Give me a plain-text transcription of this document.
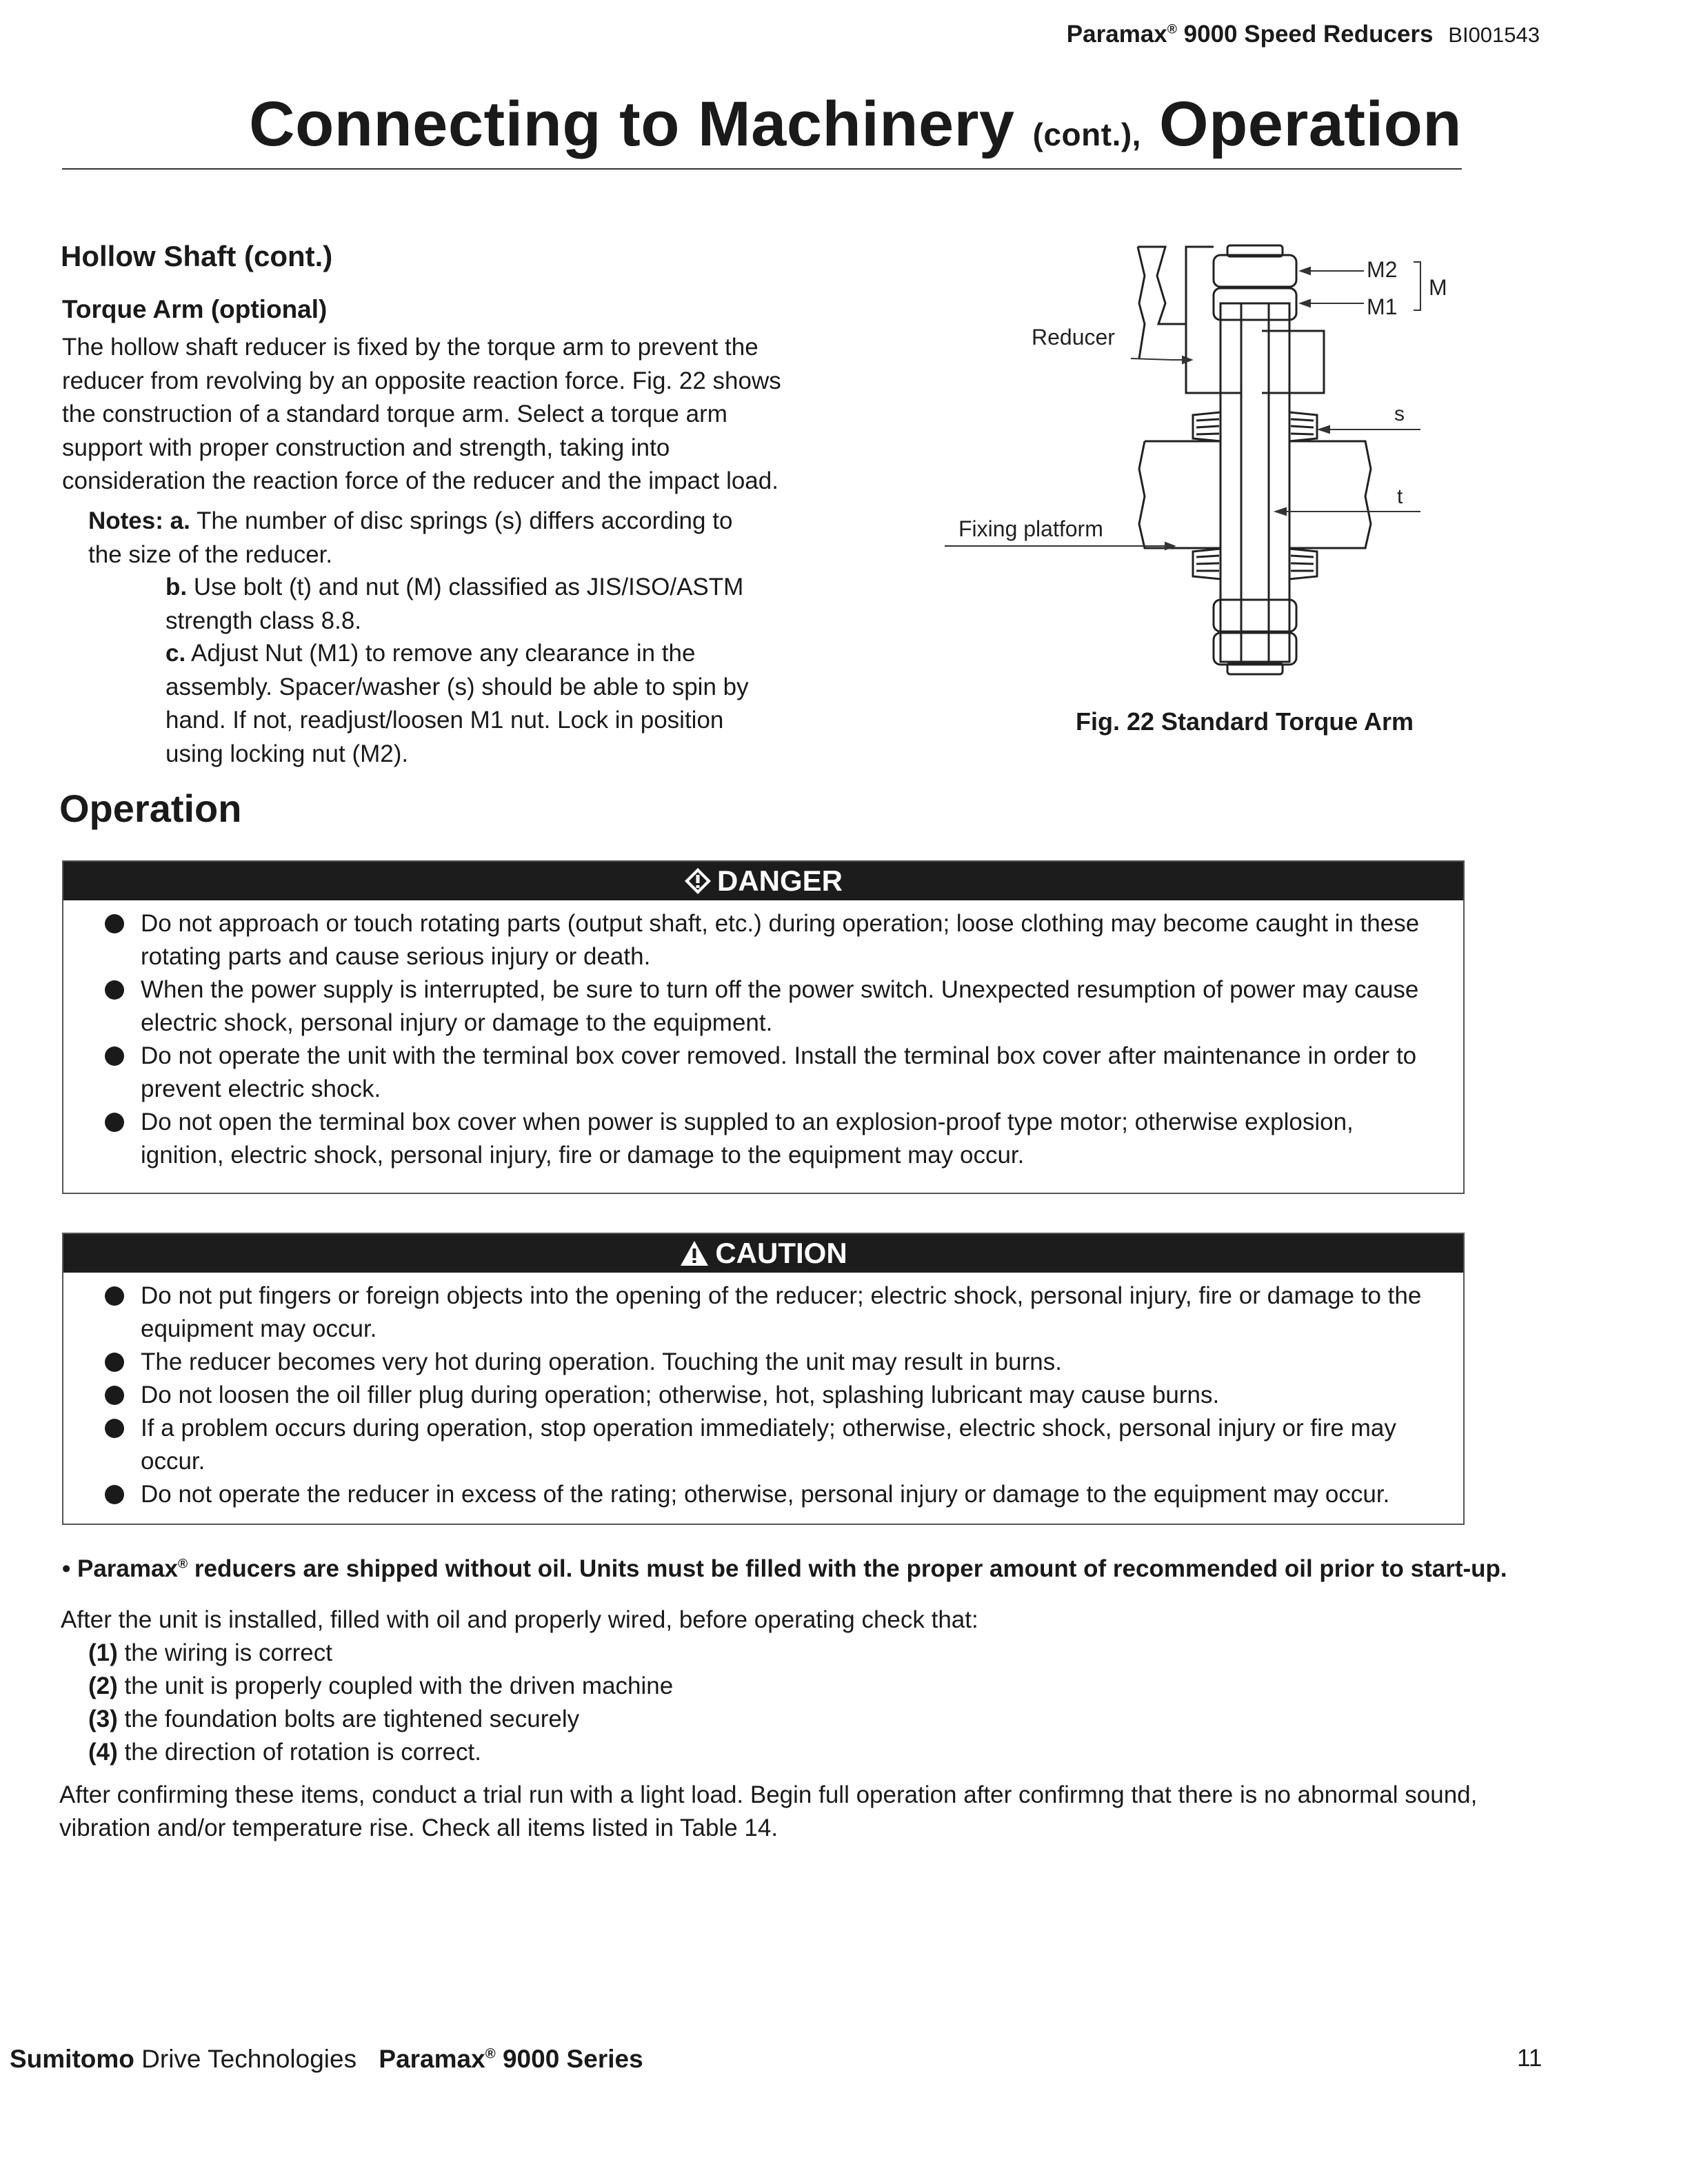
Paramax® 9000 Speed Reducers BI001543
Connecting to Machinery (cont.), Operation
Hollow Shaft (cont.)
Torque Arm (optional)
The hollow shaft reducer is fixed by the torque arm to prevent the reducer from revolving by an opposite reaction force. Fig. 22 shows the construction of a standard torque arm. Select a torque arm support with proper construction and strength, taking into consideration the reaction force of the reducer and the impact load.
Notes: a. The number of disc springs (s) differs according to the size of the reducer.
b. Use bolt (t) and nut (M) classified as JIS/ISO/ASTM strength class 8.8.
c. Adjust Nut (M1) to remove any clearance in the assembly. Spacer/washer (s) should be able to spin by hand. If not, readjust/loosen M1 nut. Lock in position using locking nut (M2).
Reducer
Fixing platform
M2
M1
M
s
t
Fig. 22 Standard Torque Arm
Operation
DANGER
Do not approach or touch rotating parts (output shaft, etc.) during operation; loose clothing may become caught in these rotating parts and cause serious injury or death.
When the power supply is interrupted, be sure to turn off the power switch. Unexpected resumption of power may cause electric shock, personal injury or damage to the equipment.
Do not operate the unit with the terminal box cover removed. Install the terminal box cover after maintenance in order to prevent electric shock.
Do not open the terminal box cover when power is suppled to an explosion-proof type motor; otherwise explosion, ignition, electric shock, personal injury, fire or damage to the equipment may occur.
CAUTION
Do not put fingers or foreign objects into the opening of the reducer; electric shock, personal injury, fire or damage to the equipment may occur.
The reducer becomes very hot during operation. Touching the unit may result in burns.
Do not loosen the oil filler plug during operation; otherwise, hot, splashing lubricant may cause burns.
If a problem occurs during operation, stop operation immediately; otherwise, electric shock, personal injury or fire may occur.
Do not operate the reducer in excess of the rating; otherwise, personal injury or damage to the equipment may occur.
• Paramax® reducers are shipped without oil. Units must be filled with the proper amount of recommended oil prior to start-up.
After the unit is installed, filled with oil and properly wired, before operating check that:
(1) the wiring is correct
(2) the unit is properly coupled with the driven machine
(3) the foundation bolts are tightened securely
(4) the direction of rotation is correct.
After confirming these items, conduct a trial run with a light load. Begin full operation after confirmng that there is no abnormal sound, vibration and/or temperature rise. Check all items listed in Table 14.
Sumitomo Drive Technologies Paramax® 9000 Series	11
